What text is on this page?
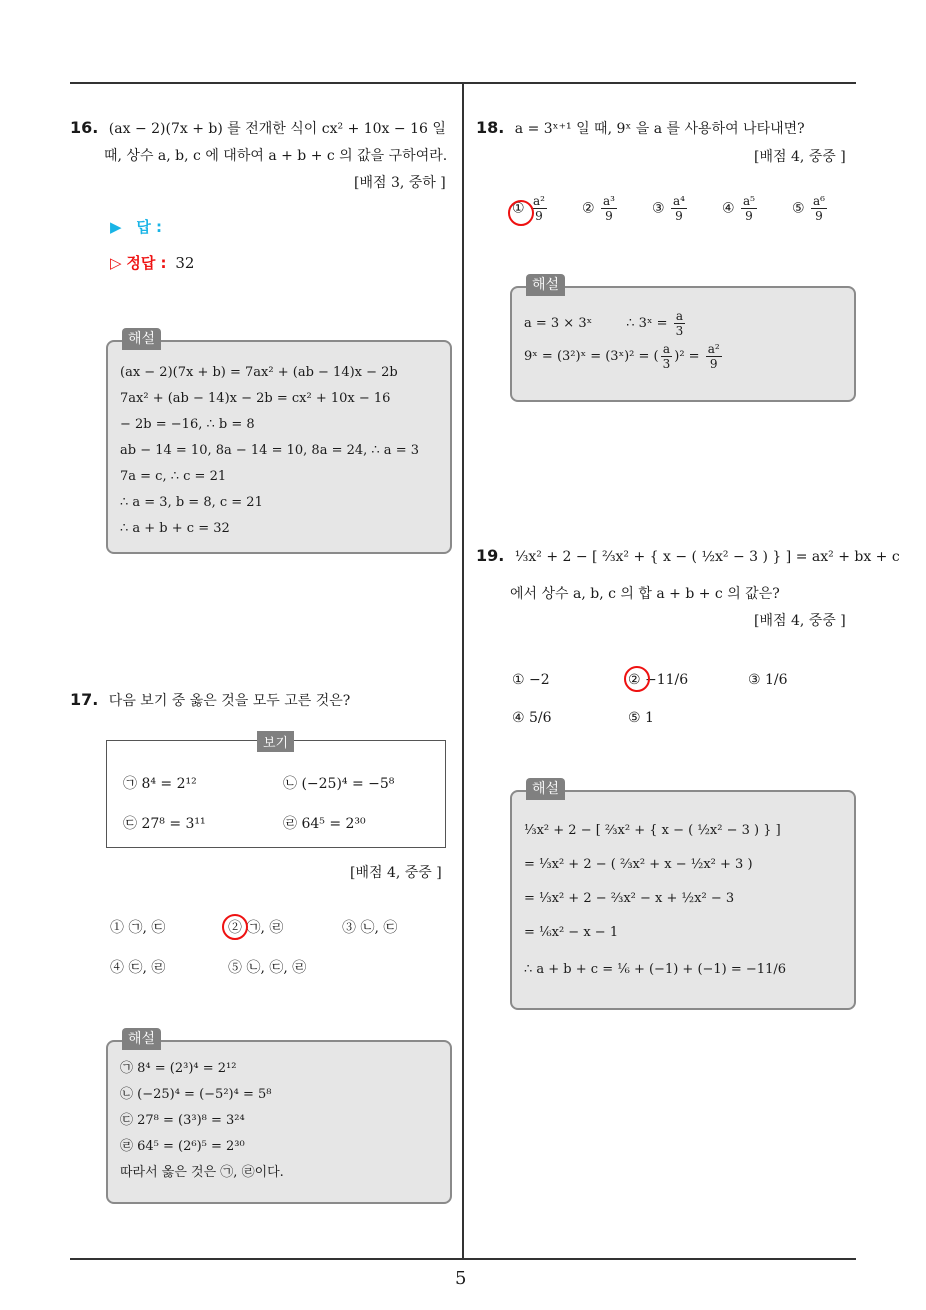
5
16. (ax − 2)(7x + b) 를 전개한 식이 cx² + 10x − 16 일
때, 상수 a, b, c 에 대하여 a + b + c 의 값을 구하여라.
[배점 3, 중하 ]
▶ 답 :
▷ 정답 : 32
해설
(ax − 2)(7x + b) = 7ax² + (ab − 14)x − 2b
7ax² + (ab − 14)x − 2b = cx² + 10x − 16
− 2b = −16, ∴ b = 8
ab − 14 = 10, 8a − 14 = 10, 8a = 24, ∴ a = 3
7a = c, ∴ c = 21
∴ a = 3, b = 8, c = 21
∴ a + b + c = 32
17. 다음 보기 중 옳은 것을 모두 고른 것은?
보기
㉠ 8⁴ = 2¹²	㉡ (−25)⁴ = −5⁸
㉢ 27⁸ = 3¹¹	㉣ 64⁵ = 2³⁰
[배점 4, 중중 ]
① ㉠, ㉢	② ㉠, ㉣	③ ㉡, ㉢
④ ㉢, ㉣	⑤ ㉡, ㉢, ㉣
해설
㉠ 8⁴ = (2³)⁴ = 2¹²
㉡ (−25)⁴ = (−5²)⁴ = 5⁸
㉢ 27⁸ = (3³)⁸ = 3²⁴
㉣ 64⁵ = (2⁶)⁵ = 2³⁰
따라서 옳은 것은 ㉠, ㉣이다.
18. a = 3ˣ⁺¹ 일 때, 9ˣ 을 a 를 사용하여 나타내면?
[배점 4, 중중 ]
① $\frac{\text{a²}}{9}$	② $\frac{\text{a³}}{9}$	③ $\frac{\text{a⁴}}{9}$	④ $\frac{\text{a⁵}}{9}$	⑤ $\frac{\text{a⁶}}{9}$
해설
a = 3 × 3ˣ	∴ 3ˣ = $\frac{a}{3}$
9ˣ = (3²)ˣ = (3ˣ)² = ( $\frac{a}{3} )^2 = \frac{\text{a²}}{9}$
19. ⅓x² + 2 − [ ⅔x² + { x − ( ½x² − 3 ) } ] = ax² + bx + c
에서 상수 a, b, c 의 합 a + b + c 의 값은?
[배점 4, 중중 ]
① −2	② −11/6	③ 1/6
④ 5/6	⑤ 1
해설
⅓x² + 2 − [ ⅔x² + { x − ( ½x² − 3 ) } ]
= ⅓x² + 2 − ( ⅔x² + x − ½x² + 3 )
= ⅓x² + 2 − ⅔x² − x + ½x² − 3
= ⅙x² − x − 1
∴ a + b + c = ⅙ + (−1) + (−1) = −11/6
